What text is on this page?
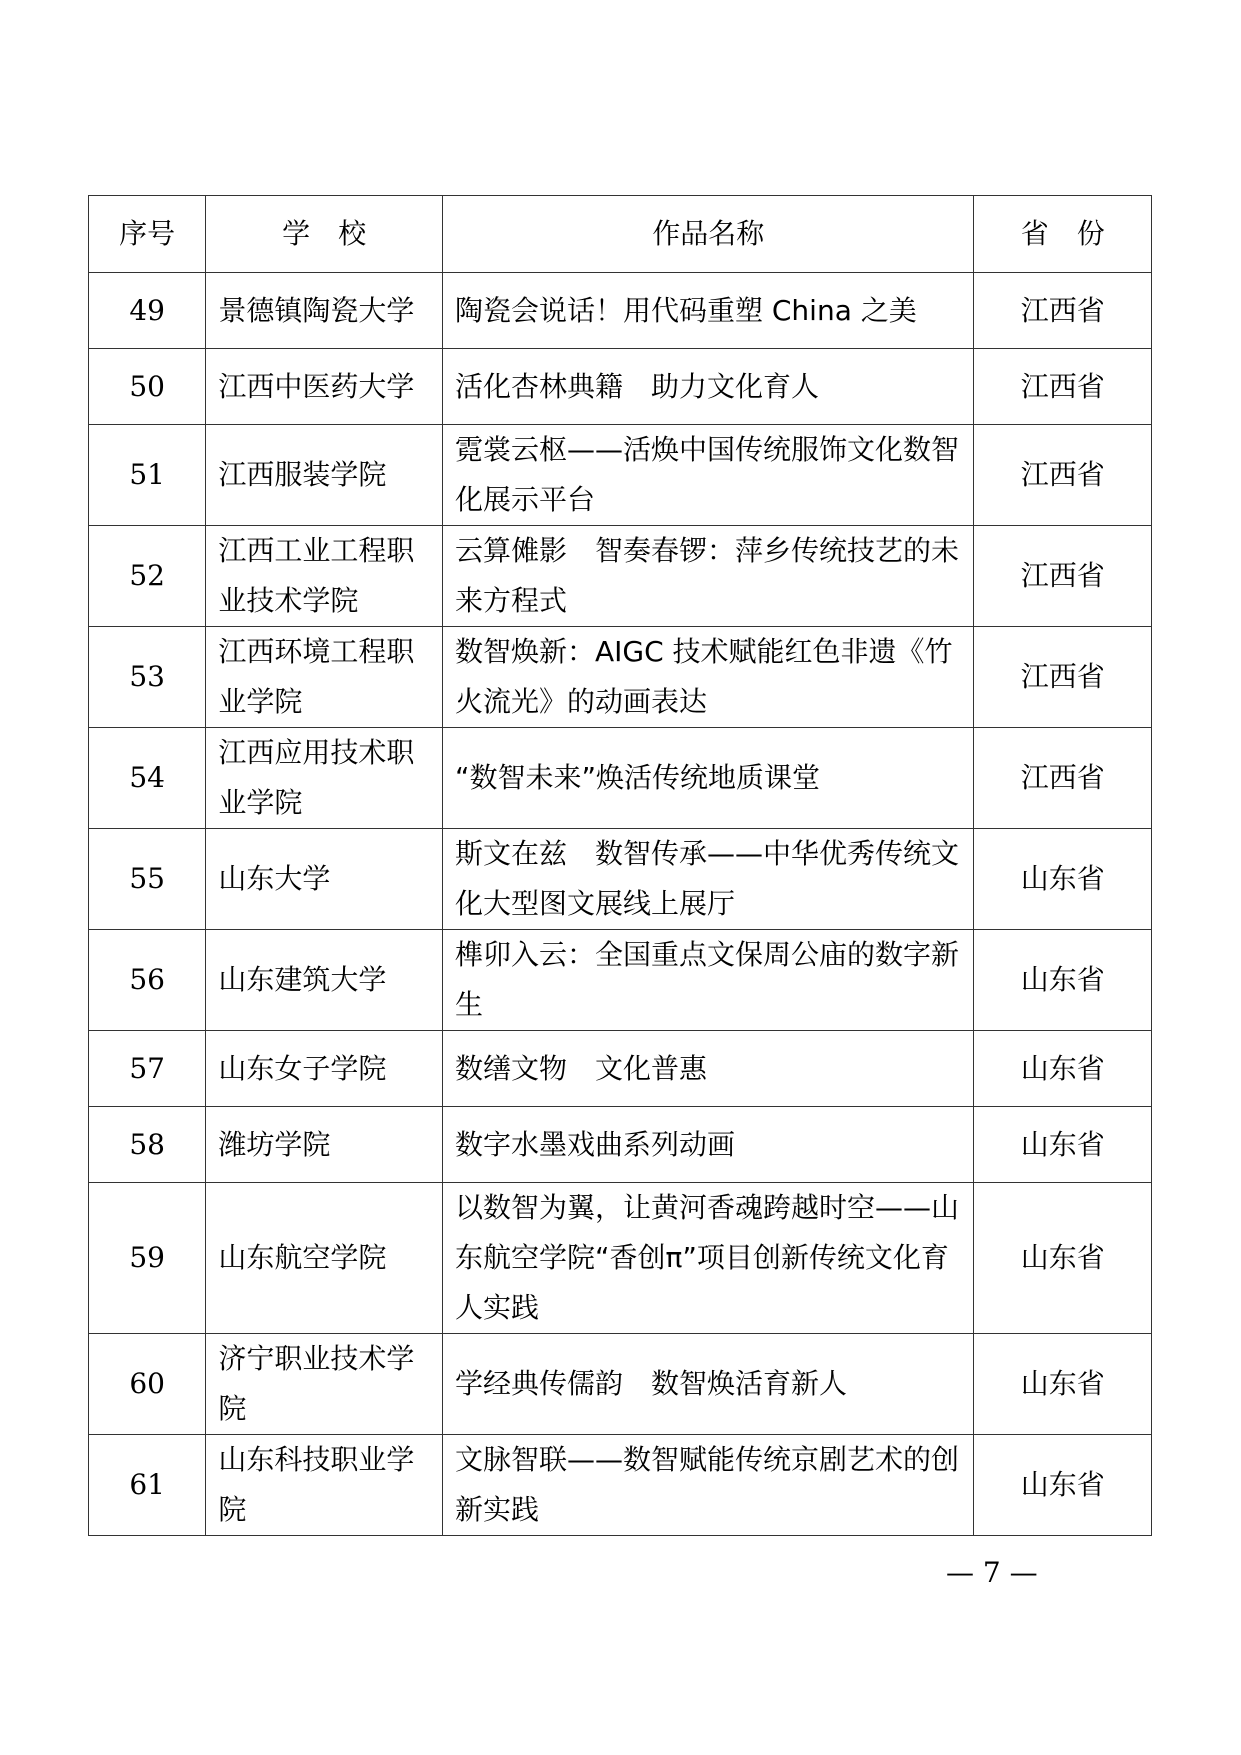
序号	学　校	作品名称	省　份
49	景德镇陶瓷大学	陶瓷会说话！用代码重塑 China 之美	江西省
50	江西中医药大学	活化杏林典籍　助力文化育人	江西省
51	江西服装学院	霓裳云枢——活焕中国传统服饰文化数智化展示平台	江西省
52	江西工业工程职业技术学院	云算傩影　智奏春锣：萍乡传统技艺的未来方程式	江西省
53	江西环境工程职业学院	数智焕新：AIGC 技术赋能红色非遗《竹火流光》的动画表达	江西省
54	江西应用技术职业学院	“数智未来”焕活传统地质课堂	江西省
55	山东大学	斯文在兹　数智传承——中华优秀传统文化大型图文展线上展厅	山东省
56	山东建筑大学	榫卯入云：全国重点文保周公庙的数字新生	山东省
57	山东女子学院	数缮文物　文化普惠	山东省
58	潍坊学院	数字水墨戏曲系列动画	山东省
59	山东航空学院	以数智为翼，让黄河香魂跨越时空——山东航空学院“香创π”项目创新传统文化育人实践	山东省
60	济宁职业技术学院	学经典传儒韵　数智焕活育新人	山东省
61	山东科技职业学院	文脉智联——数智赋能传统京剧艺术的创新实践	山东省
— 7 —
